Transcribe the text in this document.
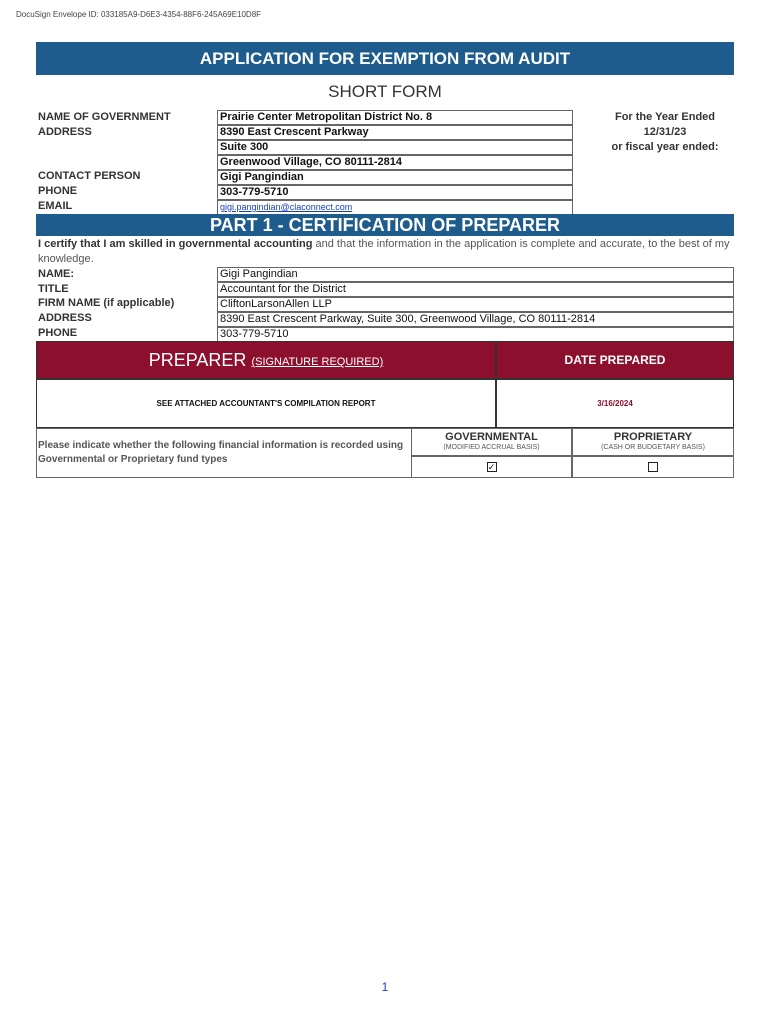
DocuSign Envelope ID: 033185A9-D6E3-4354-88F6-245A69E10D8F
APPLICATION FOR EXEMPTION FROM AUDIT
SHORT FORM
NAME OF GOVERNMENT
ADDRESS
CONTACT PERSON
PHONE
EMAIL
Prairie Center Metropolitan District No. 8
8390 East Crescent Parkway
Suite 300
Greenwood Village, CO 80111-2814
Gigi Pangindian
303-779-5710
gigi.pangindian@claconnect.com
For the Year Ended
12/31/23
or fiscal year ended:
PART 1 - CERTIFICATION OF PREPARER
I certify that I am skilled in governmental accounting and that the information in the application is complete and accurate, to the best of my knowledge.
NAME:
TITLE
FIRM NAME (if applicable)
ADDRESS
PHONE
Gigi Pangindian
Accountant for the District
CliftonLarsonAllen LLP
8390 East Crescent Parkway, Suite 300, Greenwood Village, CO 80111-2814
303-779-5710
PREPARER (SIGNATURE REQUIRED)	DATE PREPARED
SEE ATTACHED ACCOUNTANT'S COMPILATION REPORT	3/16/2024
Please indicate whether the following financial information is recorded using Governmental or Proprietary fund types
GOVERNMENTAL
(MODIFIED ACCRUAL BASIS)
PROPRIETARY
(CASH OR BUDGETARY BASIS)
✓
1
